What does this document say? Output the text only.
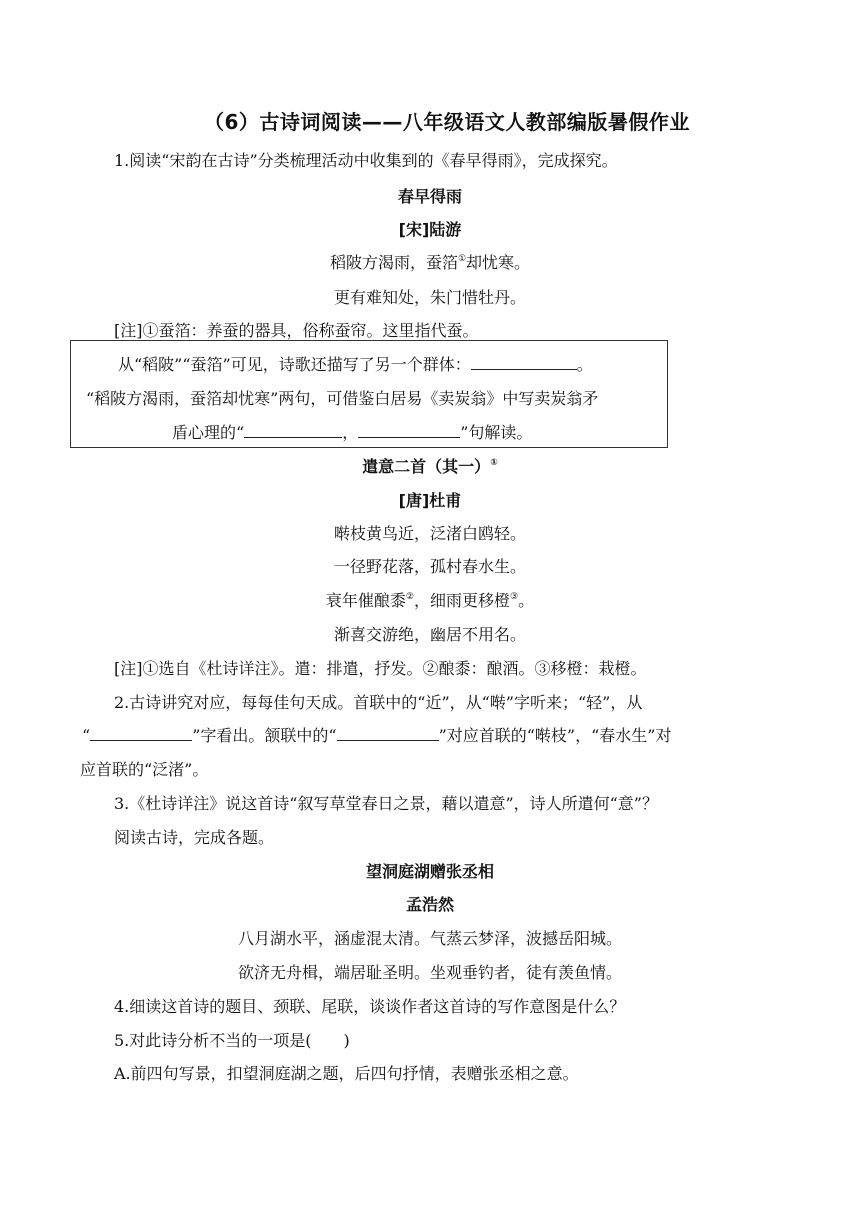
（6）古诗词阅读——八年级语文人教部编版暑假作业
1.阅读“宋韵在古诗”分类梳理活动中收集到的《春早得雨》，完成探究。
春早得雨
[宋]陆游
稻陂方渴雨，蚕箔①却忧寒。
更有难知处，朱门惜牡丹。
[注]①蚕箔：养蚕的器具，俗称蚕帘。这里指代蚕。
从“稻陂”“蚕箔”可见，诗歌还描写了另一个群体：	。
“稻陂方渴雨，蚕箔却忧寒”两句，可借鉴白居易《卖炭翁》中写卖炭翁矛
盾心理的“	，	”句解读。
遣意二首（其一）①
[唐]杜甫
啭枝黄鸟近，泛渚白鸥轻。
一径野花落，孤村春水生。
衰年催酿黍②，细雨更移橙③。
渐喜交游绝，幽居不用名。
[注]①选自《杜诗详注》。遣：排遣，抒发。②酿黍：酿酒。③移橙：栽橙。
2.古诗讲究对应，每每佳句天成。首联中的“近”，从“啭”字听来；“轻”，从
“	”字看出。颔联中的“	”对应首联的“啭枝”，“春水生”对
应首联的“泛渚”。
3.《杜诗详注》说这首诗“叙写草堂春日之景，藉以遣意”，诗人所遣何“意”？
阅读古诗，完成各题。
望洞庭湖赠张丞相
孟浩然
八月湖水平，涵虚混太清。气蒸云梦泽，波撼岳阳城。
欲济无舟楫，端居耻圣明。坐观垂钓者，徒有羡鱼情。
4.细读这首诗的题目、颈联、尾联，谈谈作者这首诗的写作意图是什么？
5.对此诗分析不当的一项是(　　)
A.前四句写景，扣望洞庭湖之题，后四句抒情，表赠张丞相之意。
